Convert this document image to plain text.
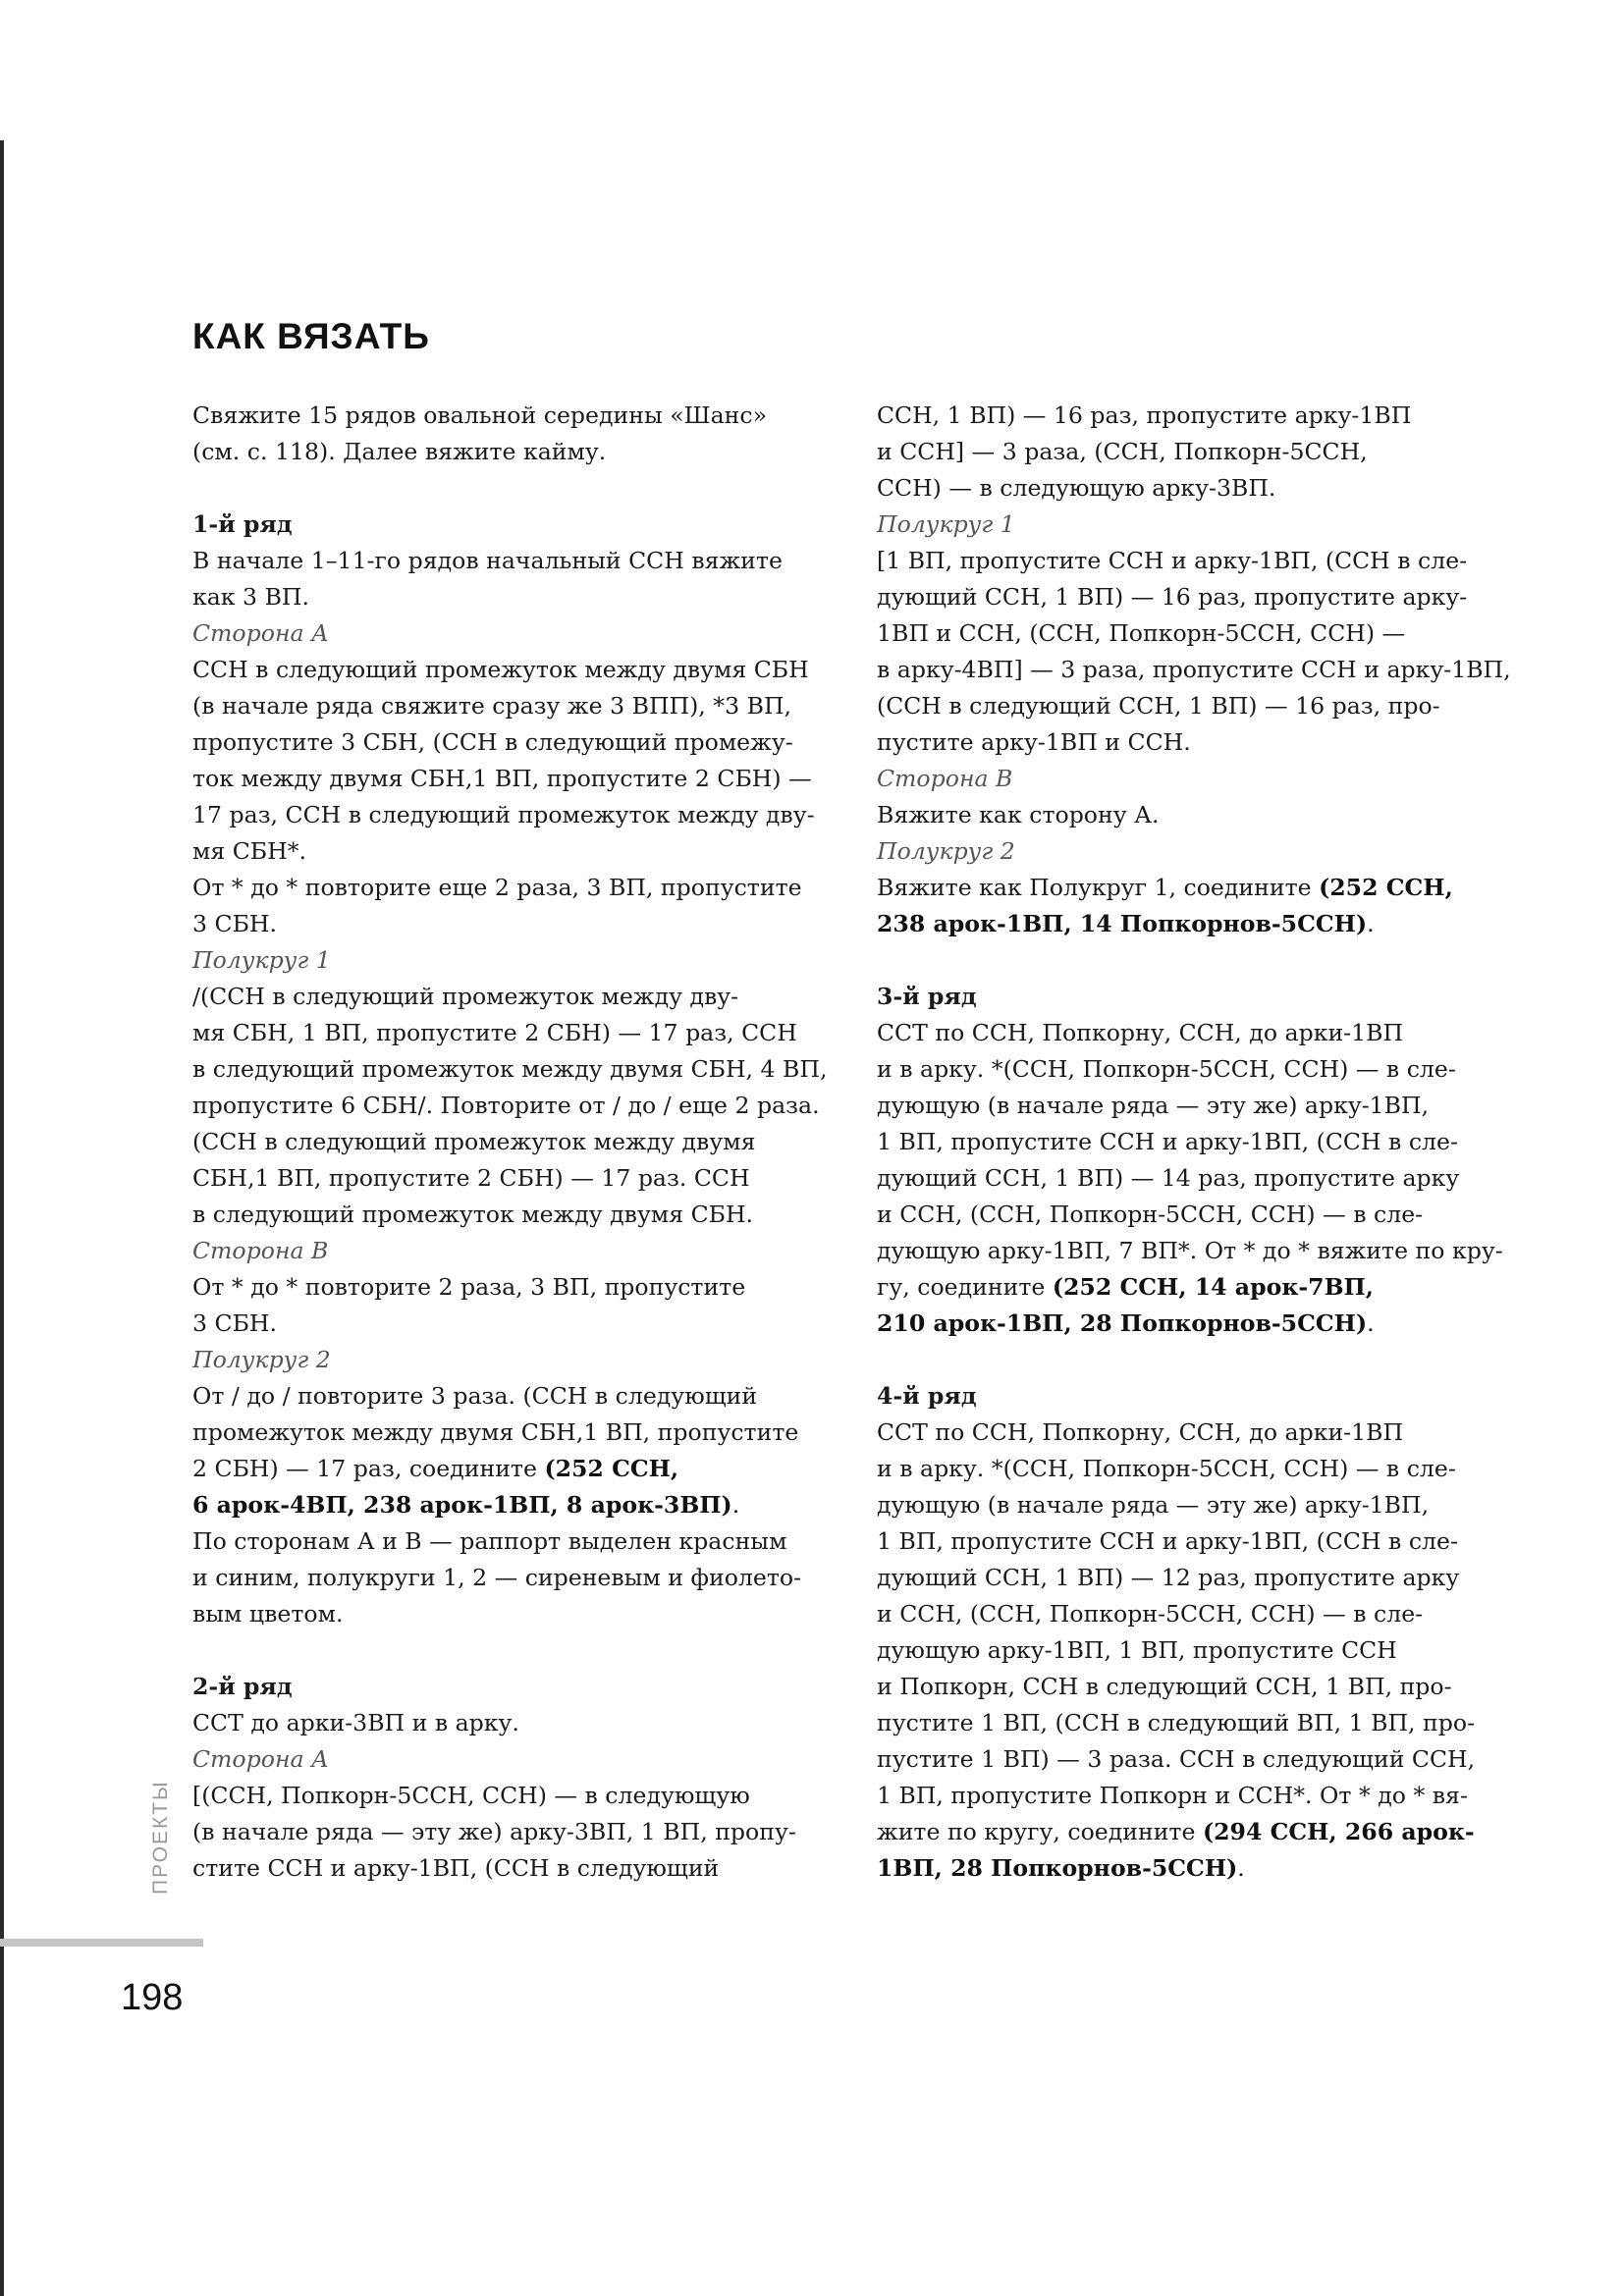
КАК ВЯЗАТЬ
Свяжите 15 рядов овальной середины «Шанс»
(см. с. 118). Далее вяжите кайму.
1-й ряд
В начале 1–11-го рядов начальный ССН вяжите
как 3 ВП.
Сторона А
ССН в следующий промежуток между двумя СБН
(в начале ряда свяжите сразу же 3 ВПП), *3 ВП,
пропустите 3 СБН, (ССН в следующий промежу-
ток между двумя СБН,1 ВП, пропустите 2 СБН) —
17 раз, ССН в следующий промежуток между дву-
мя СБН*.
От * до * повторите еще 2 раза, 3 ВП, пропустите
3 СБН.
Полукруг 1
/(ССН в следующий промежуток между дву-
мя СБН, 1 ВП, пропустите 2 СБН) — 17 раз, ССН
в следующий промежуток между двумя СБН, 4 ВП,
пропустите 6 СБН/. Повторите от / до / еще 2 раза.
(ССН в следующий промежуток между двумя
СБН,1 ВП, пропустите 2 СБН) — 17 раз. ССН
в следующий промежуток между двумя СБН.
Сторона В
От * до * повторите 2 раза, 3 ВП, пропустите
3 СБН.
Полукруг 2
От / до / повторите 3 раза. (ССН в следующий
промежуток между двумя СБН,1 ВП, пропустите
2 СБН) — 17 раз, соедините (252 ССН,
6 арок-4ВП, 238 арок-1ВП, 8 арок-3ВП).
По сторонам А и В — раппорт выделен красным
и синим, полукруги 1, 2 — сиреневым и фиолето-
вым цветом.
2-й ряд
ССТ до арки-3ВП и в арку.
Сторона А
[(ССН, Попкорн-5ССН, ССН) — в следующую
(в начале ряда — эту же) арку-3ВП, 1 ВП, пропу-
стите ССН и арку-1ВП, (ССН в следующий
ССН, 1 ВП) — 16 раз, пропустите арку-1ВП
и ССН] — 3 раза, (ССН, Попкорн-5ССН,
ССН) — в следующую арку-3ВП.
Полукруг 1
[1 ВП, пропустите ССН и арку-1ВП, (ССН в сле-
дующий ССН, 1 ВП) — 16 раз, пропустите арку-
1ВП и ССН, (ССН, Попкорн-5ССН, ССН) —
в арку-4ВП] — 3 раза, пропустите ССН и арку-1ВП,
(ССН в следующий ССН, 1 ВП) — 16 раз, про-
пустите арку-1ВП и ССН.
Сторона В
Вяжите как сторону А.
Полукруг 2
Вяжите как Полукруг 1, соедините (252 ССН,
238 арок-1ВП, 14 Попкорнов-5ССН).
3-й ряд
ССТ по ССН, Попкорну, ССН, до арки-1ВП
и в арку. *(ССН, Попкорн-5ССН, ССН) — в сле-
дующую (в начале ряда — эту же) арку-1ВП,
1 ВП, пропустите ССН и арку-1ВП, (ССН в сле-
дующий ССН, 1 ВП) — 14 раз, пропустите арку
и ССН, (ССН, Попкорн-5ССН, ССН) — в сле-
дующую арку-1ВП, 7 ВП*. От * до * вяжите по кру-
гу, соедините (252 ССН, 14 арок-7ВП,
210 арок-1ВП, 28 Попкорнов-5ССН).
4-й ряд
ССТ по ССН, Попкорну, ССН, до арки-1ВП
и в арку. *(ССН, Попкорн-5ССН, ССН) — в сле-
дующую (в начале ряда — эту же) арку-1ВП,
1 ВП, пропустите ССН и арку-1ВП, (ССН в сле-
дующий ССН, 1 ВП) — 12 раз, пропустите арку
и ССН, (ССН, Попкорн-5ССН, ССН) — в сле-
дующую арку-1ВП, 1 ВП, пропустите ССН
и Попкорн, ССН в следующий ССН, 1 ВП, про-
пустите 1 ВП, (ССН в следующий ВП, 1 ВП, про-
пустите 1 ВП) — 3 раза. ССН в следующий ССН,
1 ВП, пропустите Попкорн и ССН*. От * до * вя-
жите по кругу, соедините (294 ССН, 266 арок-
1ВП, 28 Попкорнов-5ССН).
ПРОЕКТЫ
198
